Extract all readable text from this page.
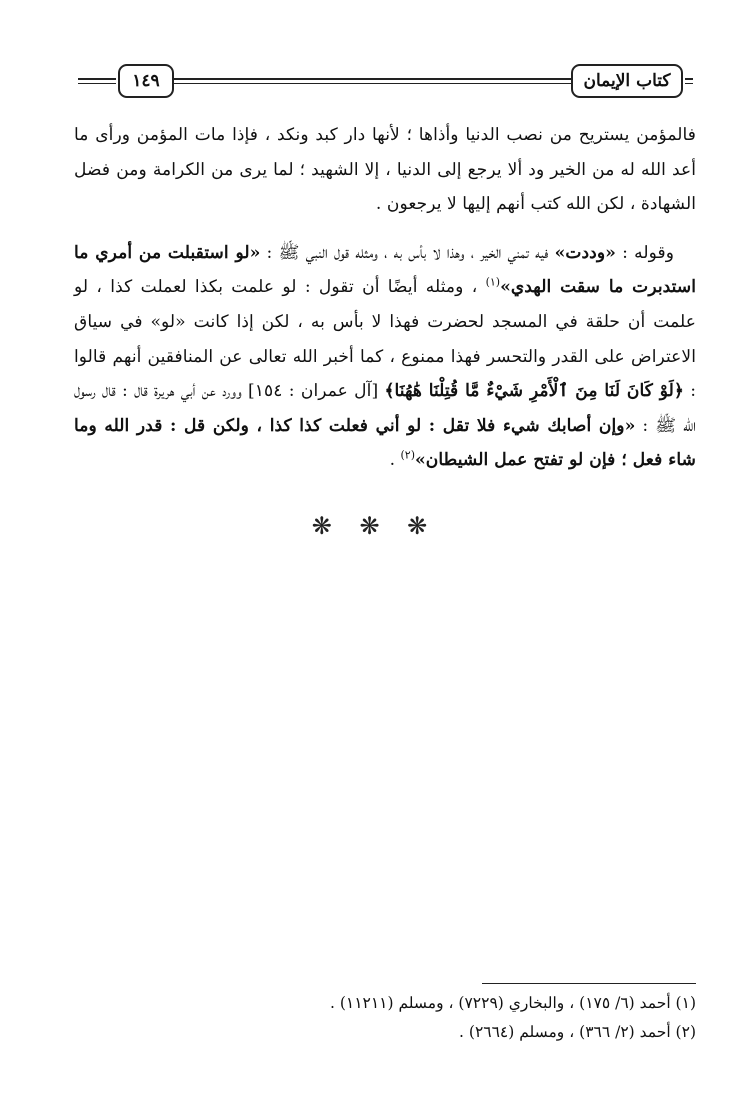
١٤٩	كتاب الإيمان

فالمؤمن يستريح من نصب الدنيا وأذاها ؛ لأنها دار كبد ونكد ، فإذا مات المؤمن ورأى ما أعد الله له من الخير ود ألا يرجع إلى الدنيا ، إلا الشهيد ؛ لما يرى من الكرامة ومن فضل الشهادة ، لكن الله كتب أنهم إليها لا يرجعون .

وقوله : «وددت» فيه تمني الخير ، وهذا لا بأس به ، ومثله قول النبي ﷺ : «لو استقبلت من أمري ما استدبرت ما سقت الهدي»$^{(١)}$ ، ومثله أيضًا أن تقول : لو علمت بكذا لعملت كذا ، لو علمت أن حلقة في المسجد لحضرت فهذا لا بأس به ، لكن إذا كانت «لو» في سياق الاعتراض على القدر والتحسر فهذا ممنوع ، كما أخبر الله تعالى عن المنافقين أنهم قالوا : ﴿لَوْ كَانَ لَنَا مِنَ ٱلْأَمْرِ شَيْءٌ مَّا قُتِلْنَا هَٰهُنَا﴾ [آل عمران : ١٥٤] وورد عن أبي هريرة قال : قال رسول الله ﷺ : «وإن أصابك شيء فلا تقل : لو أني فعلت كذا كذا ، ولكن قل : قدر الله وما شاء فعل ؛ فإن لو تفتح عمل الشيطان»$^{(٢)}$ .

❋ ❋ ❋
(١) أحمد (٦/ ١٧٥) ، والبخاري (٧٢٢٩) ، ومسلم (١١٢١١) .
(٢) أحمد (٢/ ٣٦٦) ، ومسلم (٢٦٦٤) .
